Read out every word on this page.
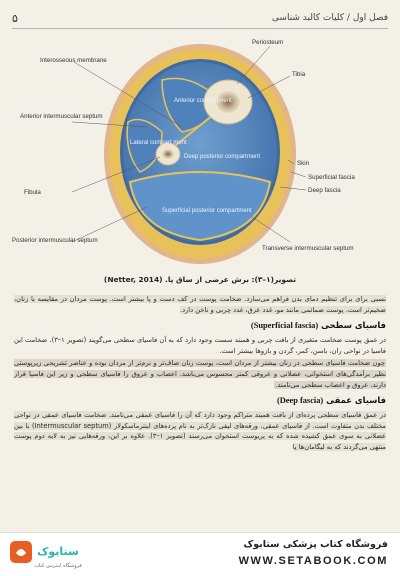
۵	فصل اول / کلیات کالبد شناسی
Interosseous membrane
Periosteum
Tibia
Anterior intermuscular septum
Fibula
Posterior intermuscular septum
Skin
Superficial fascia
Deep fascia
Transverse intermuscular septum
Anterior compartment
Lateral compart ment
Deep posterior compartment
Superficial posterior compartment
تصویر(۱–۳): برش عرضی از ساق پا. (Netter, 2014)

نسبی برای برای تنظیم دمای بدن فراهم می‌سازد. ضخامت پوست در کف دست و پا بیشتر است. پوست مردان در مقایسه با زنان، ضخیم‌تر است. پوست ضمائمی مانند مو، غدد عرق، غدد چربی و ناخن دارد.

فاسیای سطحی (Superficial fascia)

در عمق پوست ضخامت متغیری از بافت چربی و همبند سست وجود دارد که به آن فاسیای سطحی می‌گویند (تصویر ۱–۳). ضخامت این فاسیا در نواحی ران، باسن، کمر، گردن و بازوها بیشتر است.

چون ضخامت فاسیای سطحی در زنان بیشتر از مردان است، پوست زنان صاف‌تر و نرم‌تر از مردان بوده و عناصر تشریحی زیرپوستی نظیر برآمدگی‌های استخوانی، عضلانی و عروقی کمتر محسوس می‌باشد. اعصاب و عروق را فاسیای سطحی و زیر این فاسیا قرار دارند، عروق و اعصاب سطحی می‌نامند.

فاسیای عمقی (Deep fascia)

در عمق فاسیای سطحی پرده‌ای از بافت همبند متراکم وجود دارد که آن را فاسیای عمقی می‌نامند. ضخامت فاسیای عمقی در نواحی مختلف بدن متفاوت است. از فاسیای عمقی، ورقه‌های لیفی نازک‌تر به نام پرده‌های اینترماسکولار (Intermuscular septum) با بین عضلانی به سوی عمق کشیده شده که به پریوست استخوان می‌رسند (تصویر ۱–۳). علاوه بر این، ورقه‌هایی نیز به لایه دوم پوست منتهی می‌گردند که به لیگامان‌ها یا

ستابوک
فروشگاه اینترنتی کتاب
فروشگاه کتاب پزشکی ستابوک
WWW.SETABOOK.COM
